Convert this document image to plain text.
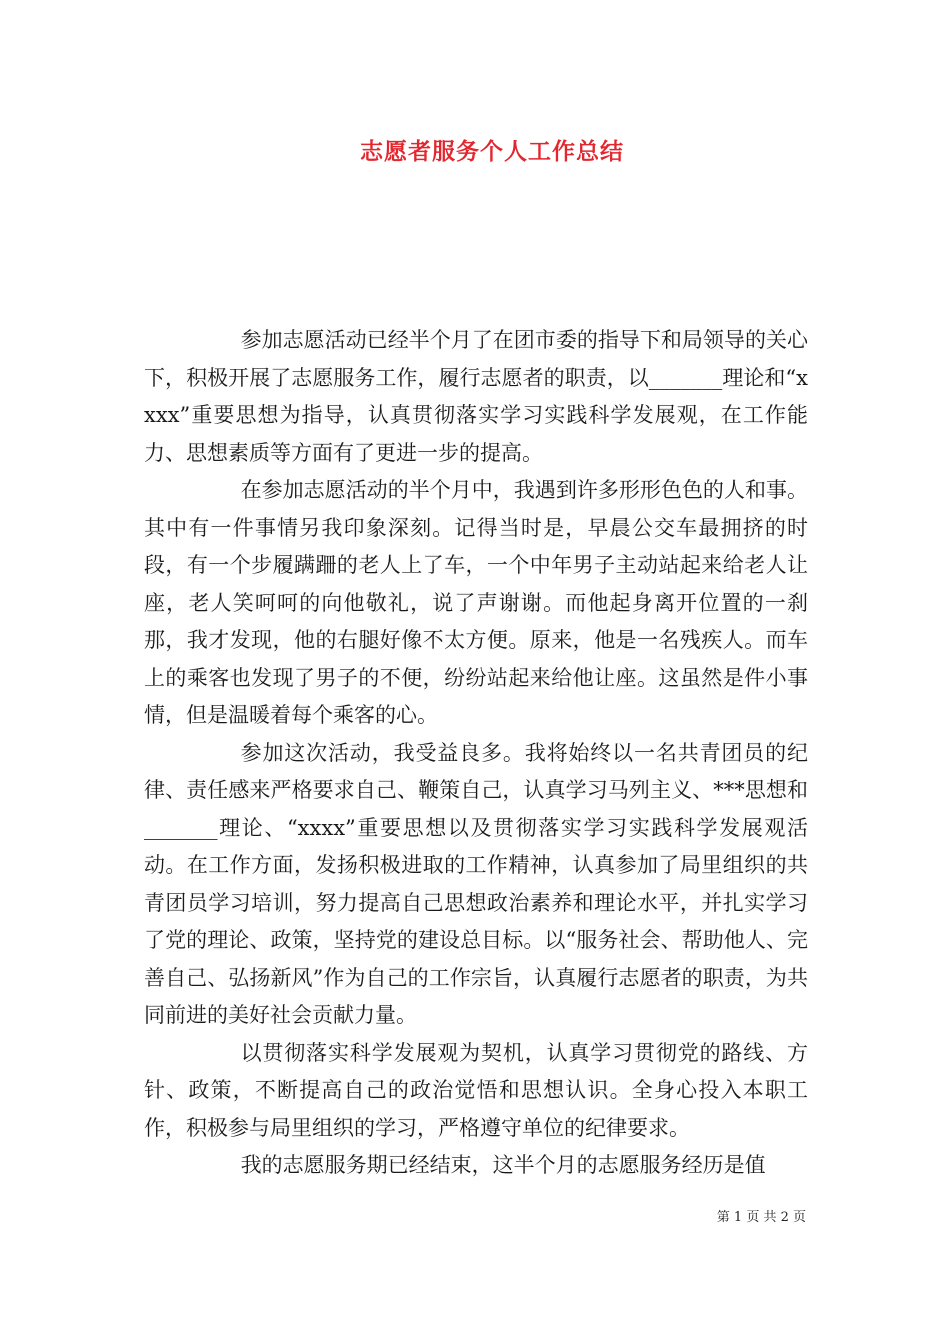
志愿者服务个人工作总结

参加志愿活动已经半个月了在团市委的指导下和局领导的关心下，积极开展了志愿服务工作，履行志愿者的职责，以_______理论和“xxxx”重要思想为指导，认真贯彻落实学习实践科学发展观，在工作能力、思想素质等方面有了更进一步的提高。

在参加志愿活动的半个月中，我遇到许多形形色色的人和事。其中有一件事情另我印象深刻。记得当时是，早晨公交车最拥挤的时段，有一个步履蹒跚的老人上了车，一个中年男子主动站起来给老人让座，老人笑呵呵的向他敬礼，说了声谢谢。而他起身离开位置的一刹那，我才发现，他的右腿好像不太方便。原来，他是一名残疾人。而车上的乘客也发现了男子的不便，纷纷站起来给他让座。这虽然是件小事情，但是温暖着每个乘客的心。

参加这次活动，我受益良多。我将始终以一名共青团员的纪律、责任感来严格要求自己、鞭策自己，认真学习马列主义、***思想和_______理论、“xxxx”重要思想以及贯彻落实学习实践科学发展观活动。在工作方面，发扬积极进取的工作精神，认真参加了局里组织的共青团员学习培训，努力提高自己思想政治素养和理论水平，并扎实学习了党的理论、政策，坚持党的建设总目标。以“服务社会、帮助他人、完善自己、弘扬新风”作为自己的工作宗旨，认真履行志愿者的职责，为共同前进的美好社会贡献力量。

以贯彻落实科学发展观为契机，认真学习贯彻党的路线、方针、政策，不断提高自己的政治觉悟和思想认识。全身心投入本职工作，积极参与局里组织的学习，严格遵守单位的纪律要求。

我的志愿服务期已经结束，这半个月的志愿服务经历是值

第 1 页 共 2 页
